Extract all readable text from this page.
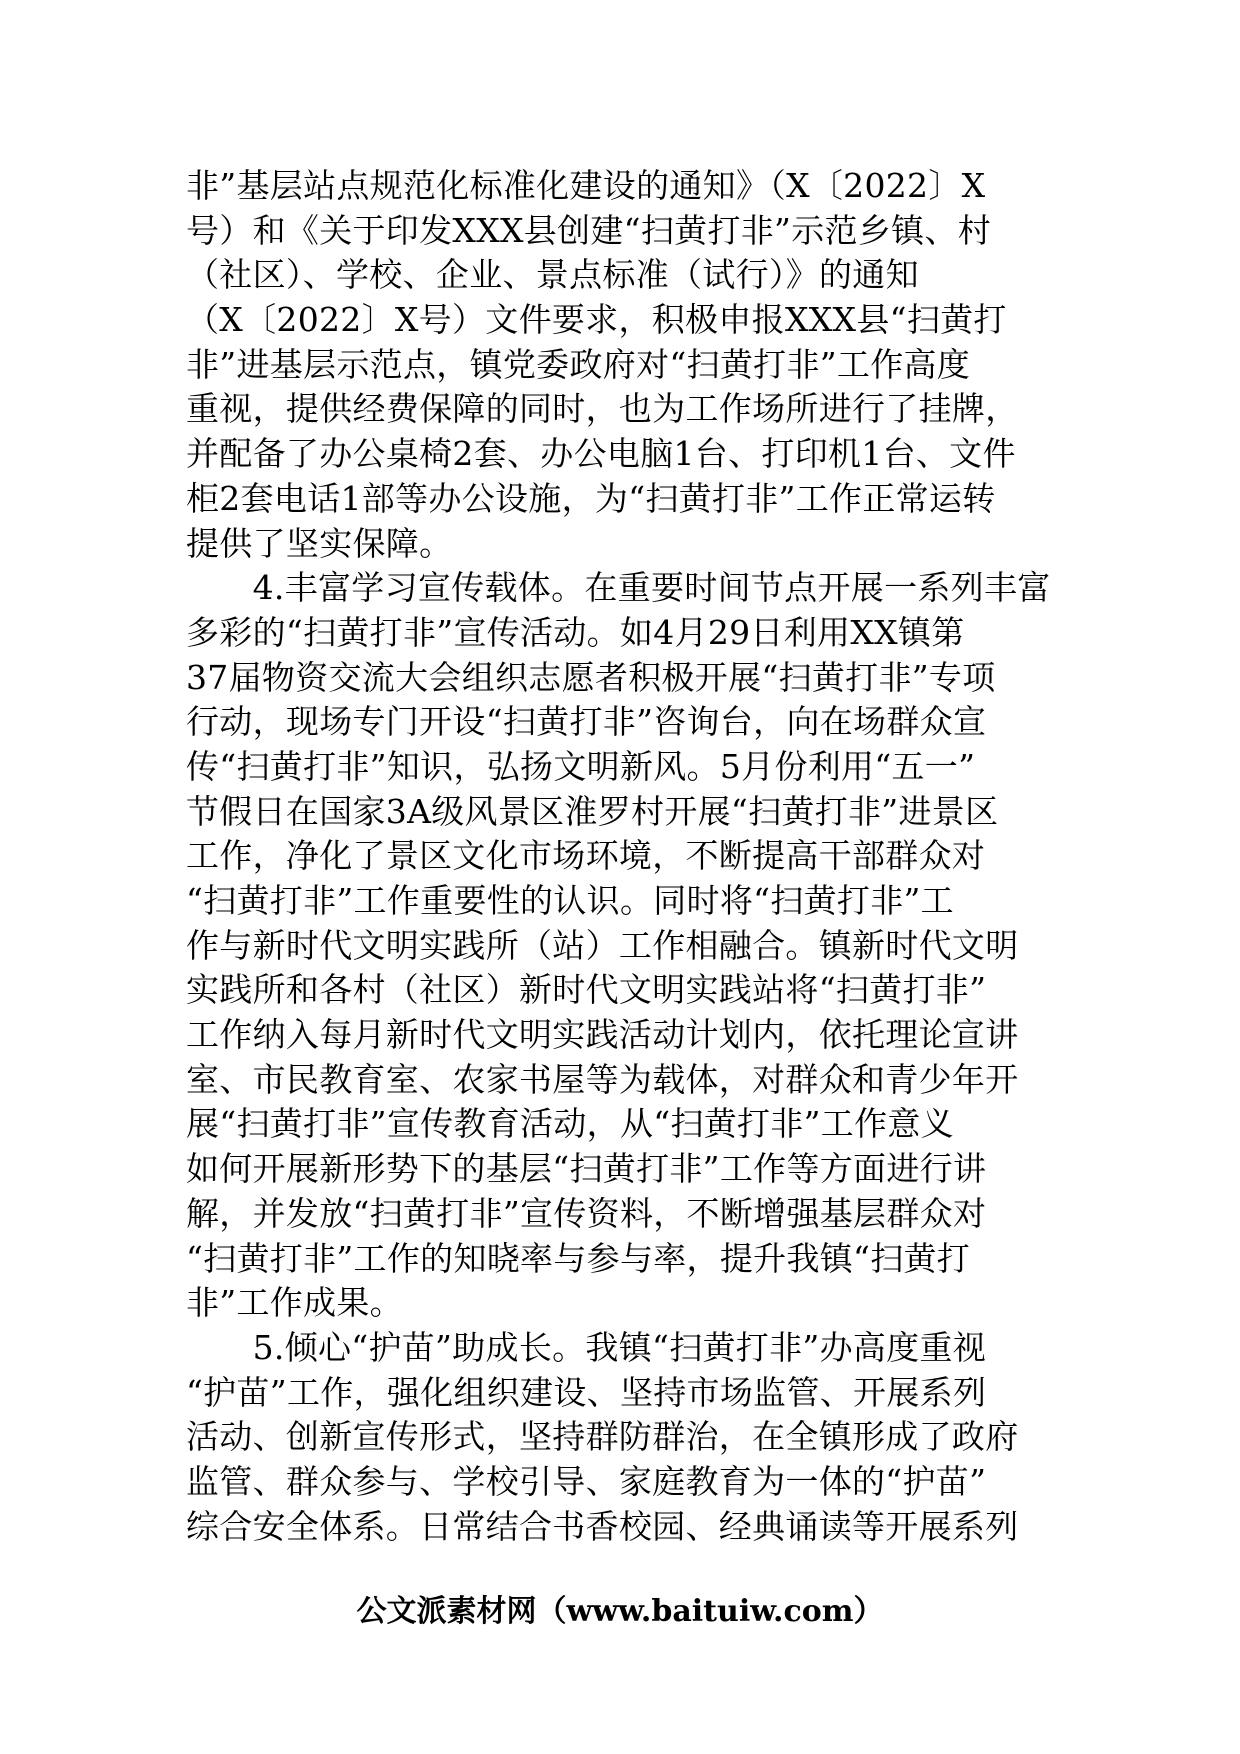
非”基层站点规范化标准化建设的通知》（X〔2022〕X
号）和《关于印发XXX县创建“扫黄打非”示范乡镇、村
（社区）、学校、企业、景点标准（试行）》的通知
（X〔2022〕X号）文件要求，积极申报XXX县“扫黄打
非”进基层示范点，镇党委政府对“扫黄打非”工作高度
重视，提供经费保障的同时，也为工作场所进行了挂牌，
并配备了办公桌椅2套、办公电脑1台、打印机1台、文件
柜2套电话1部等办公设施，为“扫黄打非”工作正常运转
提供了坚实保障。
　　4.丰富学习宣传载体。在重要时间节点开展一系列丰富
多彩的“扫黄打非”宣传活动。如4月29日利用XX镇第
37届物资交流大会组织志愿者积极开展“扫黄打非”专项
行动，现场专门开设“扫黄打非”咨询台，向在场群众宣
传“扫黄打非”知识，弘扬文明新风。5月份利用“五一”
节假日在国家3A级风景区淮罗村开展“扫黄打非”进景区
工作，净化了景区文化市场环境，不断提高干部群众对
“扫黄打非”工作重要性的认识。同时将“扫黄打非”工
作与新时代文明实践所（站）工作相融合。镇新时代文明
实践所和各村（社区）新时代文明实践站将“扫黄打非”
工作纳入每月新时代文明实践活动计划内，依托理论宣讲
室、市民教育室、农家书屋等为载体，对群众和青少年开
展“扫黄打非”宣传教育活动，从“扫黄打非”工作意义
如何开展新形势下的基层“扫黄打非”工作等方面进行讲
解，并发放“扫黄打非”宣传资料，不断增强基层群众对
“扫黄打非”工作的知晓率与参与率，提升我镇“扫黄打
非”工作成果。
　　5.倾心“护苗”助成长。我镇“扫黄打非”办高度重视
“护苗”工作，强化组织建设、坚持市场监管、开展系列
活动、创新宣传形式，坚持群防群治，在全镇形成了政府
监管、群众参与、学校引导、家庭教育为一体的“护苗”
综合安全体系。日常结合书香校园、经典诵读等开展系列
公文派素材网（www.baituiw.com）
